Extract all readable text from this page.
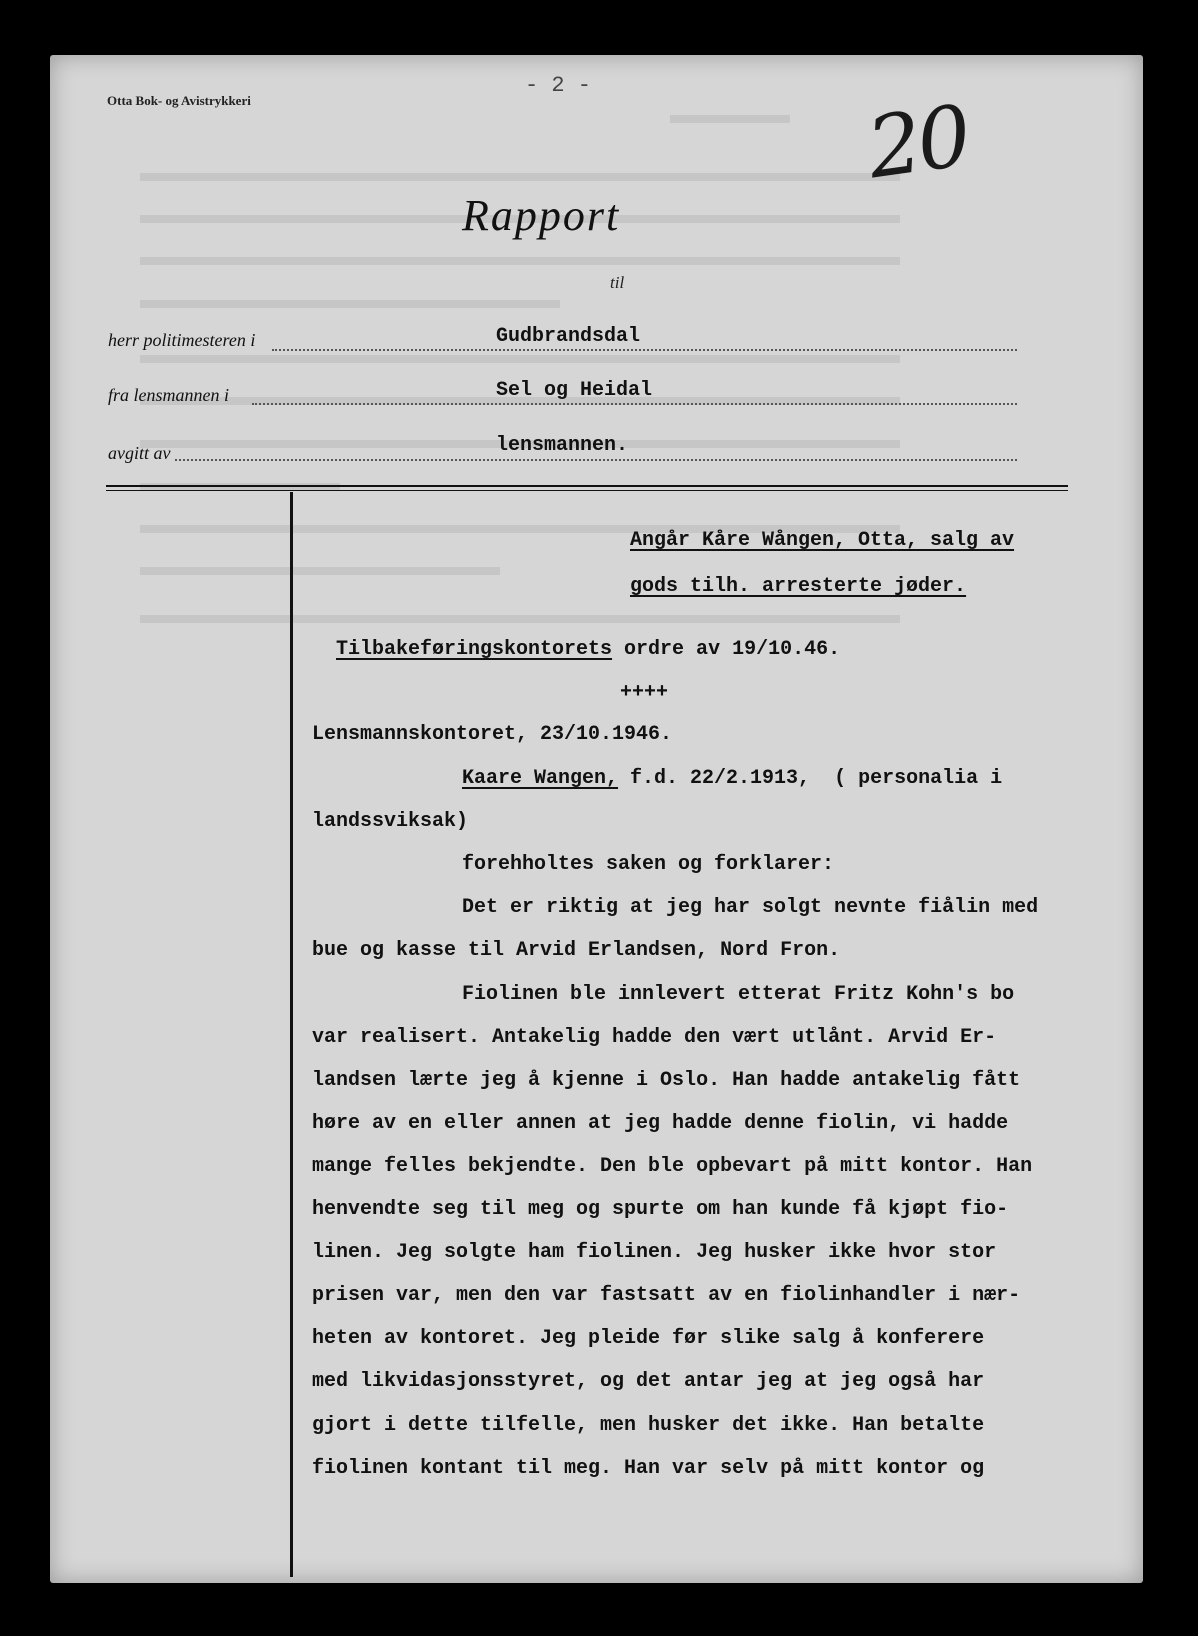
Otta Bok- og Avistrykkeri
- 2 -
20
Rapport
til
herr politimesteren i	Gudbrandsdal
fra lensmannen i	Sel og Heidal
avgitt av	lensmannen.
Angår Kåre Wången, Otta, salg av
gods tilh. arresterte jøder.
Tilbakeføringskontorets ordre av 19/10.46.
++++
Lensmannskontoret, 23/10.1946.
Kaare Wangen, f.d. 22/2.1913,  ( personalia i
landssviksak)
forehholtes saken og forklarer:
Det er riktig at jeg har solgt nevnte fiålin med
bue og kasse til Arvid Erlandsen, Nord Fron.
Fiolinen ble innlevert etterat Fritz Kohn's bo
var realisert. Antakelig hadde den vært utlånt. Arvid Er-
landsen lærte jeg å kjenne i Oslo. Han hadde antakelig fått
høre av en eller annen at jeg hadde denne fiolin, vi hadde
mange felles bekjendte. Den ble opbevart på mitt kontor. Han
henvendte seg til meg og spurte om han kunde få kjøpt fio-
linen. Jeg solgte ham fiolinen. Jeg husker ikke hvor stor
prisen var, men den var fastsatt av en fiolinhandler i nær-
heten av kontoret. Jeg pleide før slike salg å konferere
med likvidasjonsstyret, og det antar jeg at jeg også har
gjort i dette tilfelle, men husker det ikke. Han betalte
fiolinen kontant til meg. Han var selv på mitt kontor og
